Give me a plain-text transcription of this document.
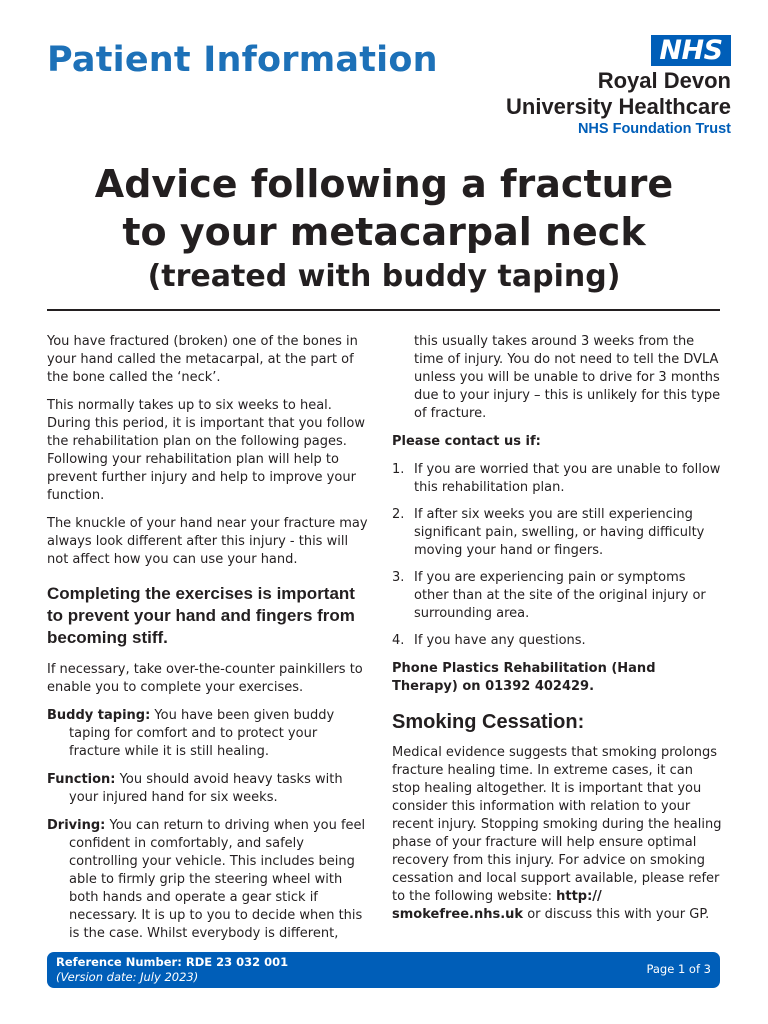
Patient Information	NHS
Royal Devon
University Healthcare
NHS Foundation Trust
Advice following a fracture
to your metacarpal neck
(treated with buddy taping)

You have fractured (broken) one of the bones in your hand called the metacarpal, at the part of the bone called the ‘neck’.

This normally takes up to six weeks to heal. During this period, it is important that you follow the rehabilitation plan on the following pages. Following your rehabilitation plan will help to prevent further injury and help to improve your function.

The knuckle of your hand near your fracture may always look different after this injury - this will not affect how you can use your hand.

Completing the exercises is important to prevent your hand and fingers from becoming stiff.

If necessary, take over-the-counter painkillers to enable you to complete your exercises.

Buddy taping: You have been given buddy taping for comfort and to protect your fracture while it is still healing.

Function: You should avoid heavy tasks with your injured hand for six weeks.

Driving: You can return to driving when you feel confident in comfortably, and safely controlling your vehicle. This includes being able to firmly grip the steering wheel with both hands and operate a gear stick if necessary. It is up to you to decide when this is the case. Whilst everybody is different,

this usually takes around 3 weeks from the time of injury. You do not need to tell the DVLA unless you will be unable to drive for 3 months due to your injury – this is unlikely for this type of fracture.

Please contact us if:

1. If you are worried that you are unable to follow this rehabilitation plan.
2. If after six weeks you are still experiencing significant pain, swelling, or having difficulty moving your hand or fingers.
3. If you are experiencing pain or symptoms other than at the site of the original injury or surrounding area.
4. If you have any questions.

Phone Plastics Rehabilitation (Hand Therapy) on 01392 402429.

Smoking Cessation:

Medical evidence suggests that smoking prolongs fracture healing time. In extreme cases, it can stop healing altogether. It is important that you consider this information with relation to your recent injury. Stopping smoking during the healing phase of your fracture will help ensure optimal recovery from this injury. For advice on smoking cessation and local support available, please refer to the following website: http:// smokefree.nhs.uk or discuss this with your GP.

Reference Number: RDE 23 032 001
(Version date: July 2023)
Page 1 of 3
